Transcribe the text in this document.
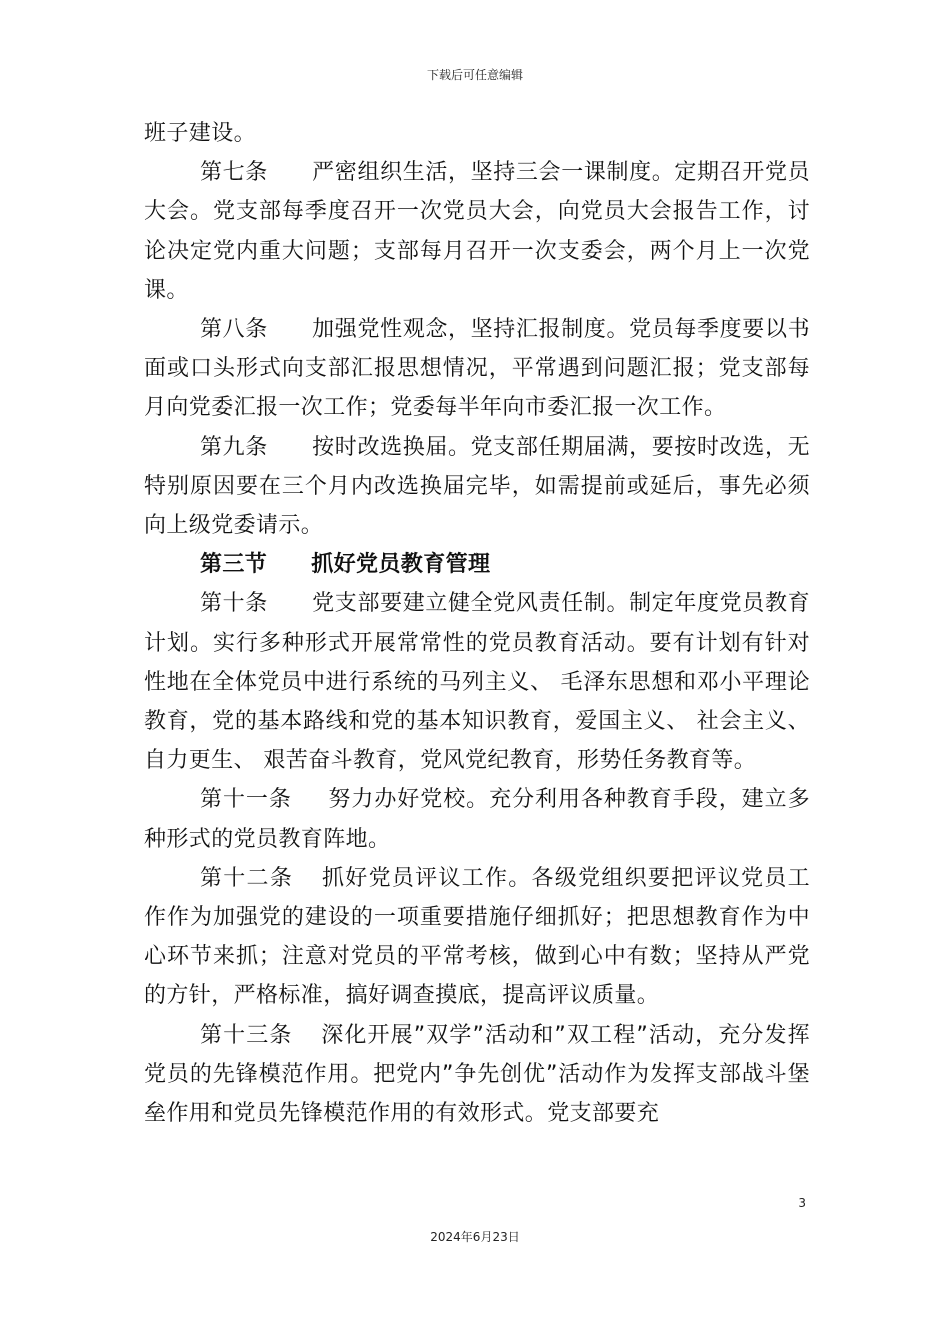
下载后可任意编辑

班子建设。

第七条 严密组织生活，坚持三会一课制度。定期召开党员大会。党支部每季度召开一次党员大会，向党员大会报告工作，讨论决定党内重大问题；支部每月召开一次支委会，两个月上一次党课。

第八条 加强党性观念，坚持汇报制度。党员每季度要以书面或口头形式向支部汇报思想情况，平常遇到问题汇报；党支部每月向党委汇报一次工作；党委每半年向市委汇报一次工作。

第九条 按时改选换届。党支部任期届满，要按时改选，无特别原因要在三个月内改选换届完毕，如需提前或延后，事先必须向上级党委请示。

第三节 抓好党员教育管理

第十条 党支部要建立健全党风责任制。制定年度党员教育计划。实行多种形式开展常常性的党员教育活动。要有计划有针对性地在全体党员中进行系统的马列主义、 毛泽东思想和邓小平理论教育，党的基本路线和党的基本知识教育，爱国主义、 社会主义、 自力更生、 艰苦奋斗教育，党风党纪教育，形势任务教育等。

第十一条 努力办好党校。充分利用各种教育手段，建立多种形式的党员教育阵地。

第十二条 抓好党员评议工作。各级党组织要把评议党员工作作为加强党的建设的一项重要措施仔细抓好；把思想教育作为中心环节来抓；注意对党员的平常考核，做到心中有数；坚持从严党的方针，严格标准，搞好调查摸底，提高评议质量。

第十三条 深化开展”双学”活动和”双工程”活动，充分发挥党员的先锋模范作用。把党内”争先创优”活动作为发挥支部战斗堡垒作用和党员先锋模范作用的有效形式。党支部要充

3
2024年6月23日
